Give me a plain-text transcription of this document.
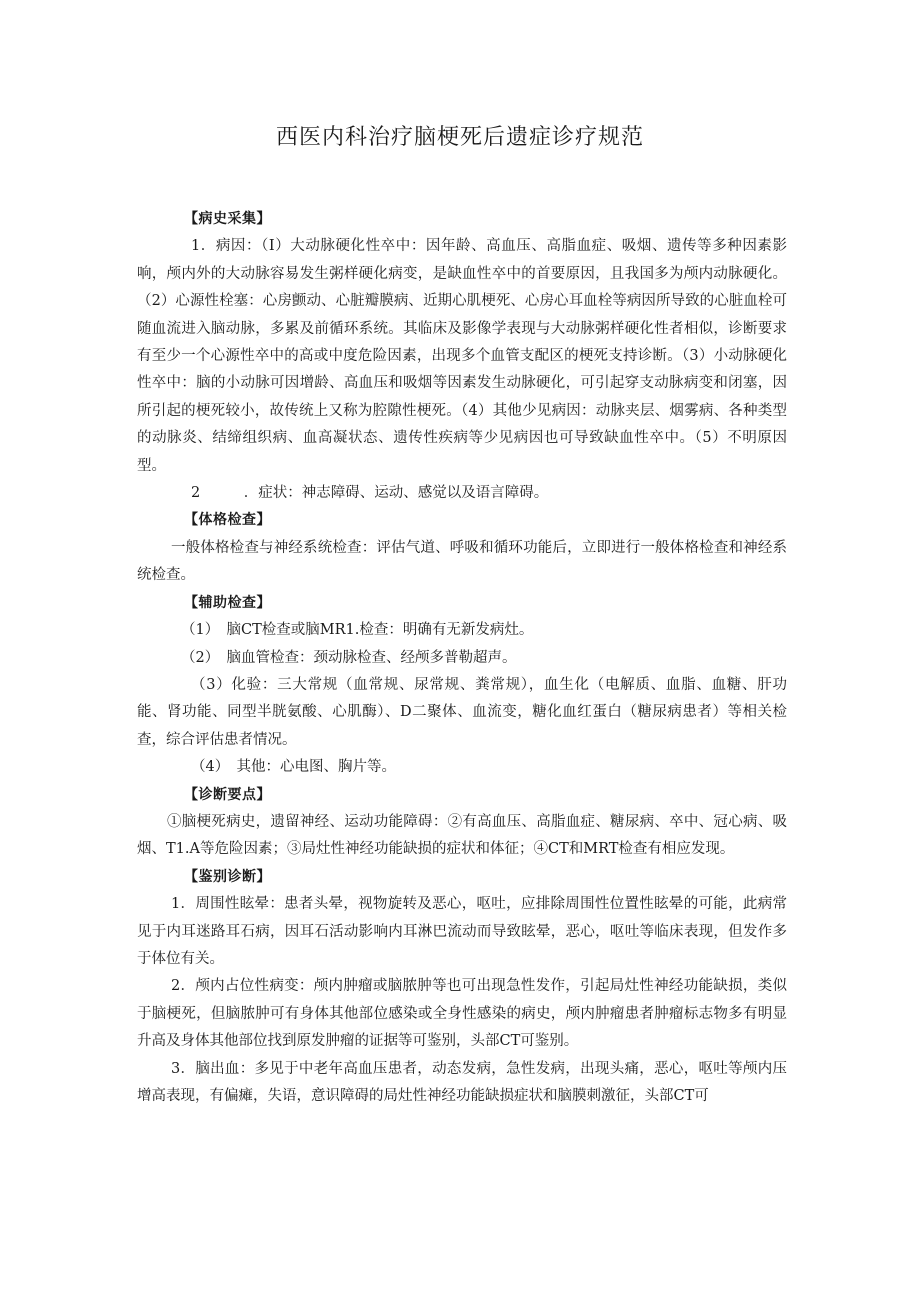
西医内科治疗脑梗死后遗症诊疗规范

【病史采集】

1．病因：（I）大动脉硬化性卒中：因年龄、高血压、高脂血症、吸烟、遗传等多种因素影响，颅内外的大动脉容易发生粥样硬化病变，是缺血性卒中的首要原因，且我国多为颅内动脉硬化。（2）心源性栓塞：心房颤动、心脏瓣膜病、近期心肌梗死、心房心耳血栓等病因所导致的心脏血栓可随血流进入脑动脉，多累及前循环系统。其临床及影像学表现与大动脉粥样硬化性者相似，诊断要求有至少一个心源性卒中的高或中度危险因素，出现多个血管支配区的梗死支持诊断。（3）小动脉硬化性卒中：脑的小动脉可因增龄、高血压和吸烟等因素发生动脉硬化，可引起穿支动脉病变和闭塞，因所引起的梗死较小，故传统上又称为腔隙性梗死。（4）其他少见病因：动脉夹层、烟雾病、各种类型的动脉炎、结缔组织病、血高凝状态、遗传性疾病等少见病因也可导致缺血性卒中。（5）不明原因型。

2   ．症状：神志障碍、运动、感觉以及语言障碍。

【体格检查】

一般体格检查与神经系统检查：评估气道、呼吸和循环功能后，立即进行一般体格检查和神经系统检查。

【辅助检查】

（1） 脑CT检查或脑MR1.检查：明确有无新发病灶。

（2） 脑血管检查：颈动脉检查、经颅多普勒超声。

（3）化验：三大常规（血常规、尿常规、粪常规），血生化（电解质、血脂、血糖、肝功能、肾功能、同型半胱氨酸、心肌酶）、D二聚体、血流变，糖化血红蛋白（糖尿病患者）等相关检查，综合评估患者情况。

（4） 其他：心电图、胸片等。

【诊断要点】

①脑梗死病史，遗留神经、运动功能障碍：②有高血压、高脂血症、糖尿病、卒中、冠心病、吸烟、T1.A等危险因素；③局灶性神经功能缺损的症状和体征；④CT和MRT检查有相应发现。

【鉴别诊断】

1．周围性眩晕：患者头晕，视物旋转及恶心，呕吐，应排除周围性位置性眩晕的可能，此病常见于内耳迷路耳石病，因耳石活动影响内耳淋巴流动而导致眩晕，恶心，呕吐等临床表现，但发作多于体位有关。

2．颅内占位性病变：颅内肿瘤或脑脓肿等也可出现急性发作，引起局灶性神经功能缺损，类似于脑梗死，但脑脓肿可有身体其他部位感染或全身性感染的病史，颅内肿瘤患者肿瘤标志物多有明显升高及身体其他部位找到原发肿瘤的证据等可鉴别，头部CT可鉴别。

3．脑出血：多见于中老年高血压患者，动态发病，急性发病，出现头痛，恶心，呕吐等颅内压增高表现，有偏瘫，失语，意识障碍的局灶性神经功能缺损症状和脑膜刺激征，头部CT可
